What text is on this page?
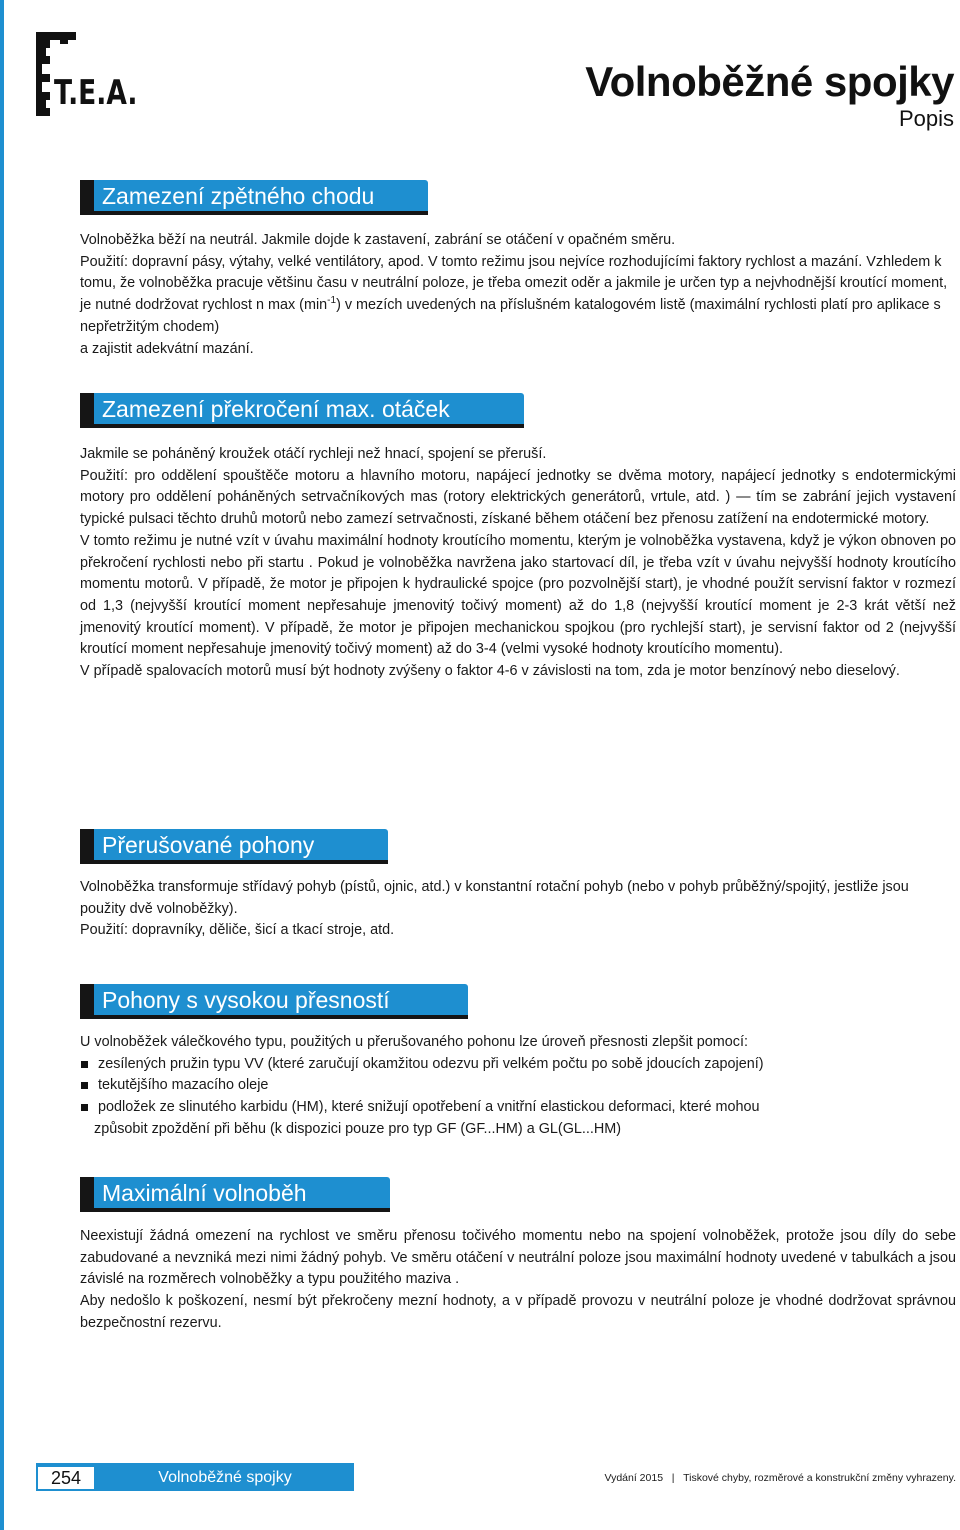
T.E.A.	Volnoběžné spojky
Popis
Zamezení zpětného chodu

Volnoběžka běží na neutrál. Jakmile dojde k zastavení, zabrání se otáčení v opačném směru.

Použití: dopravní pásy, výtahy, velké ventilátory, apod. V tomto režimu jsou nejvíce rozhodujícími faktory rychlost a mazání. Vzhledem k tomu, že volnoběžka pracuje většinu času v neutrální poloze, je třeba omezit oděr a jakmile je určen typ a nejvhodnější kroutící moment, je nutné dodržovat rychlost n $\max (\min^{-1})$ v mezích uvedených na příslušném katalogovém listě (maximální rychlosti platí pro aplikace s nepřetržitým chodem)

a zajistit adekvátní mazání.

Zamezení překročení max. otáček

Jakmile se poháněný kroužek otáčí rychleji než hnací, spojení se přeruší.

Použití: pro oddělení spouštěče motoru a hlavního motoru, napájecí jednotky se dvěma motory, napájecí jednotky s endotermickými motory pro oddělení poháněných setrvačníkových mas (rotory elektrických generátorů, vrtule, atd. ) — tím se zabrání jejich vystavení typické pulsaci těchto druhů motorů nebo zamezí setrvačnosti, získané během otáčení bez přenosu zatížení na endotermické motory.

V tomto režimu je nutné vzít v úvahu maximální hodnoty kroutícího momentu, kterým je volnoběžka vystavena, když je výkon obnoven po překročení rychlosti nebo při startu . Pokud je volnoběžka navržena jako startovací díl, je třeba vzít v úvahu nejvyšší hodnoty kroutícího momentu motorů. V případě, že motor je připojen k hydraulické spojce (pro pozvolnější start), je vhodné použít servisní faktor v rozmezí od 1,3 (nejvyšší kroutící moment nepřesahuje jmenovitý točivý moment) až do 1,8 (nejvyšší kroutící moment je 2-3 krát větší než jmenovitý kroutící moment). V případě, že motor je připojen mechanickou spojkou (pro rychlejší start), je servisní faktor od 2 (nejvyšší kroutící moment nepřesahuje jmenovitý točivý moment) až do 3-4 (velmi vysoké hodnoty kroutícího momentu).

V případě spalovacích motorů musí být hodnoty zvýšeny o faktor 4-6 v závislosti na tom, zda je motor benzínový nebo dieselový.

Přerušované pohony

Volnoběžka transformuje střídavý pohyb (pístů, ojnic, atd.) v konstantní rotační pohyb (nebo v pohyb průběžný/spojitý, jestliže jsou použity dvě volnoběžky).

Použití: dopravníky, děliče, šicí a tkací stroje, atd.

Pohony s vysokou přesností

U volnoběžek válečkového typu, použitých u přerušovaného pohonu lze úroveň přesnosti zlepšit pomocí:

zesílených pružin typu VV (které zaručují okamžitou odezvu při velkém počtu po sobě jdoucích zapojení)
tekutějšího mazacího oleje
podložek ze slinutého karbidu (HM), které snižují opotřebení a vnitřní elastickou deformaci, které mohou
způsobit zpoždění při běhu (k dispozici pouze pro typ GF (GF...HM) a GL(GL...HM)
Maximální volnoběh

Neexistují žádná omezení na rychlost ve směru přenosu točivého momentu nebo na spojení volnoběžek, protože jsou díly do sebe zabudované a nevzniká mezi nimi žádný pohyb. Ve směru otáčení v neutrální poloze jsou maximální hodnoty uvedené v tabulkách a jsou závislé na rozměrech volnoběžky a typu použitého maziva .

Aby nedošlo k poškození, nesmí být překročeny mezní hodnoty, a v případě provozu v neutrální poloze je vhodné dodržovat správnou bezpečnostní rezervu.

254	Volnoběžné spojky	Vydání 2015   |   Tiskové chyby, rozměrové a konstrukční změny vyhrazeny.
